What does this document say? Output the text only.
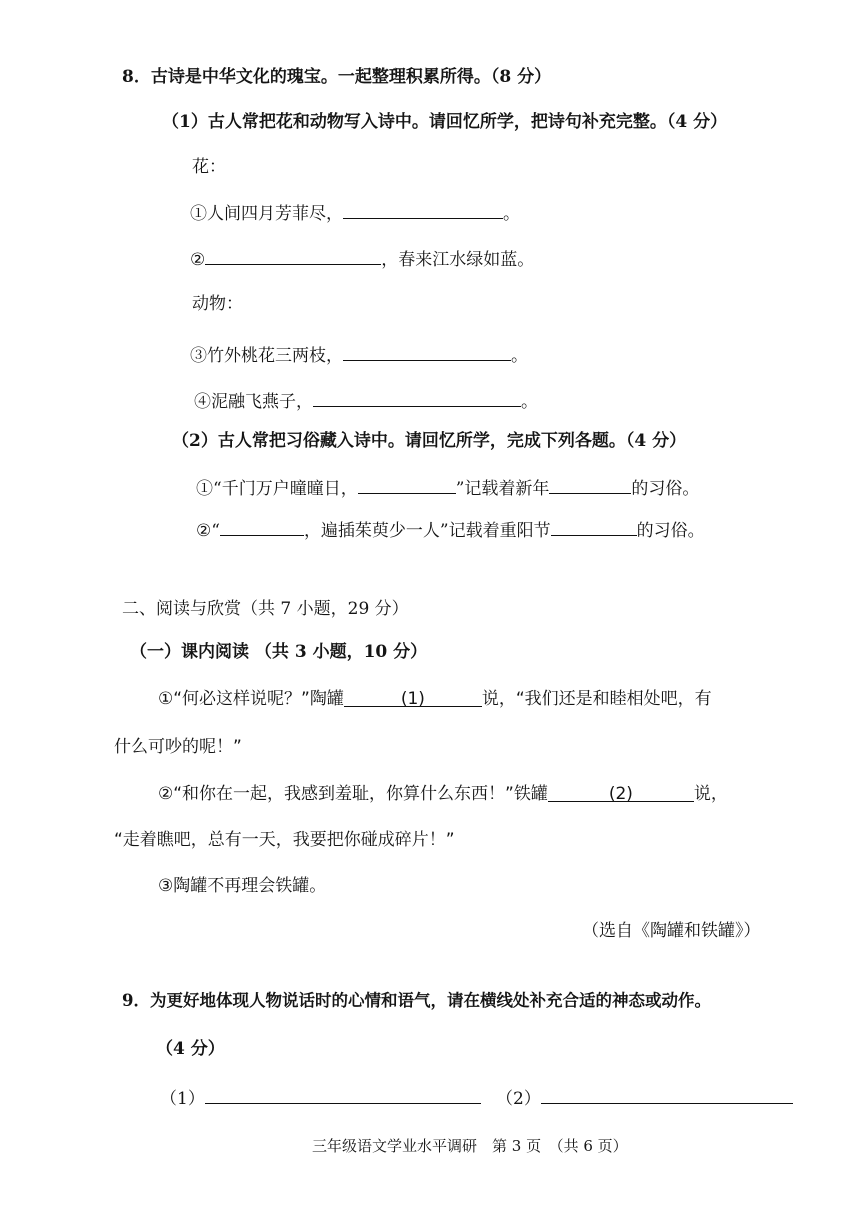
8．古诗是中华文化的瑰宝。一起整理积累所得。（8 分）
（1）古人常把花和动物写入诗中。请回忆所学，把诗句补充完整。（4 分）
花：
①人间四月芳菲尽，	。
②	，春来江水绿如蓝。
动物：
③竹外桃花三两枝，	。
④泥融飞燕子，	。
（2）古人常把习俗藏入诗中。请回忆所学，完成下列各题。（4 分）
①“千门万户曈曈日，	”记载着新年	的习俗。
②“	，遍插茱萸少一人”记载着重阳节	的习俗。
二、阅读与欣赏（共 7 小题，29 分）
（一）课内阅读 （共 3 小题，10 分）
①“何必这样说呢？”陶罐	(1)	说，“我们还是和睦相处吧，有
什么可吵的呢！”
②“和你在一起，我感到羞耻，你算什么东西！”铁罐	(2)	说，
“走着瞧吧，总有一天，我要把你碰成碎片！”
③陶罐不再理会铁罐。
（选自《陶罐和铁罐》）
9．为更好地体现人物说话时的心情和语气，请在横线处补充合适的神态或动作。
（4 分）
（1）	（2）
三年级语文学业水平调研　第 3 页　（共 6 页）
